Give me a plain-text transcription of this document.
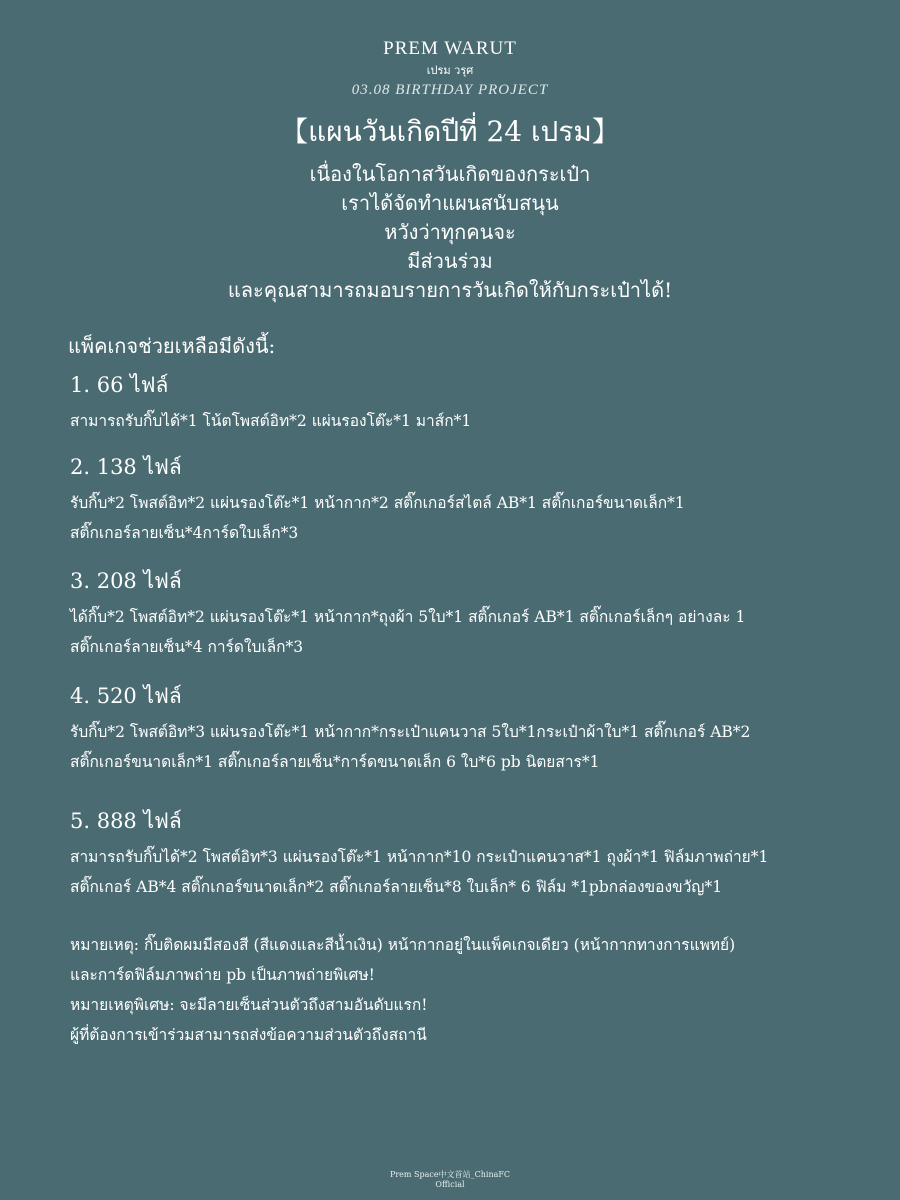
PREM WARUT
เปรม วรุศ
03.08 BIRTHDAY PROJECT
【แผนวันเกิดปีที่ 24 เปรม】
เนื่องในโอกาสวันเกิดของกระเป๋า
เราได้จัดทำแผนสนับสนุน
หวังว่าทุกคนจะ
มีส่วนร่วม
และคุณสามารถมอบรายการวันเกิดให้กับกระเป๋าได้!
แพ็คเกจช่วยเหลือมีดังนี้:
1. 66 ไฟล์
สามารถรับกิ๊บได้*1 โน้ตโพสต์อิท*2 แผ่นรองโต๊ะ*1 มาส์ก*1
2. 138 ไฟล์
รับกิ๊บ*2 โพสต์อิท*2 แผ่นรองโต๊ะ*1 หน้ากาก*2 สติ๊กเกอร์สไตล์ AB*1 สติ๊กเกอร์ขนาดเล็ก*1
สติ๊กเกอร์ลายเซ็น*4การ์ดใบเล็ก*3
3. 208 ไฟล์
ได้กิ๊บ*2 โพสต์อิท*2 แผ่นรองโต๊ะ*1 หน้ากาก*ถุงผ้า 5ใบ*1 สติ๊กเกอร์ AB*1 สติ๊กเกอร์เล็กๆ อย่างละ 1
สติ๊กเกอร์ลายเซ็น*4 การ์ดใบเล็ก*3
4. 520 ไฟล์
รับกิ๊บ*2 โพสต์อิท*3 แผ่นรองโต๊ะ*1 หน้ากาก*กระเป๋าแคนวาส 5ใบ*1กระเป๋าผ้าใบ*1 สติ๊กเกอร์ AB*2
สติ๊กเกอร์ขนาดเล็ก*1 สติ๊กเกอร์ลายเซ็น*การ์ดขนาดเล็ก 6 ใบ*6 pb นิตยสาร*1
5. 888 ไฟล์
สามารถรับกิ๊บได้*2 โพสต์อิท*3 แผ่นรองโต๊ะ*1 หน้ากาก*10 กระเป๋าแคนวาส*1 ถุงผ้า*1 ฟิล์มภาพถ่าย*1
สติ๊กเกอร์ AB*4 สติ๊กเกอร์ขนาดเล็ก*2 สติ๊กเกอร์ลายเซ็น*8 ใบเล็ก* 6 ฟิล์ม *1pbกล่องของขวัญ*1
หมายเหตุ: กิ๊บติดผมมีสองสี (สีแดงและสีน้ำเงิน) หน้ากากอยู่ในแพ็คเกจเดียว (หน้ากากทางการแพทย์)
และการ์ดฟิล์มภาพถ่าย pb เป็นภาพถ่ายพิเศษ!
หมายเหตุพิเศษ: จะมีลายเซ็นส่วนตัวถึงสามอันดับแรก!
ผู้ที่ต้องการเข้าร่วมสามารถส่งข้อความส่วนตัวถึงสถานี
Prem Space中文首站_ChinaFC
Official
